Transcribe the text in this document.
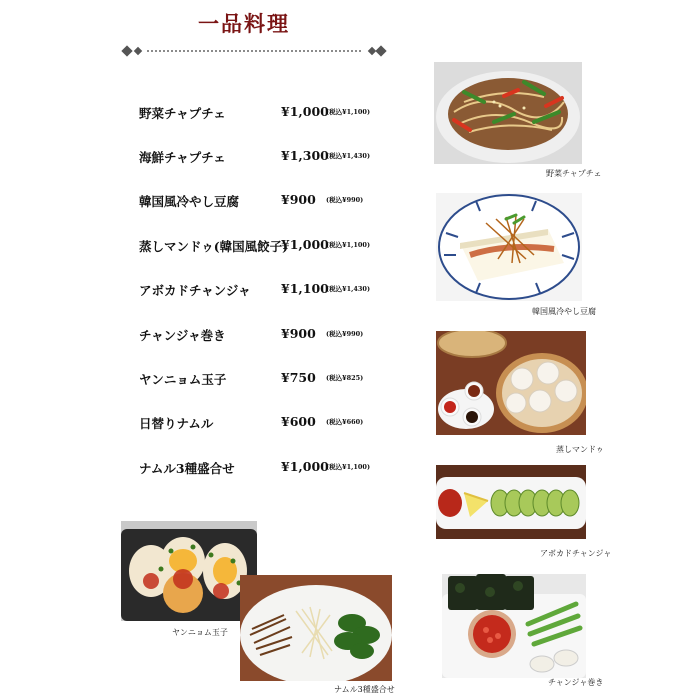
一品料理
野菜チャプチェ	¥1,000
(税込¥1,100)
海鮮チャプチェ	¥1,300
(税込¥1,430)
韓国風冷やし豆腐	¥900 (税込¥990)
蒸しマンドゥ(韓国風餃子)
¥1,000
(税込¥1,100)
アボカドチャンジャ ¥1,100
(税込¥1,430)
チャンジャ巻き	¥900 (税込¥990)
ヤンニョム玉子	¥750 (税込¥825)
日替りナムル	¥600 (税込¥660)
ナムル3種盛合せ	¥1,000
(税込¥1,100)
野菜チャプチェ
韓国風冷やし豆腐
蒸しマンドゥ
アボカドチャンジャ
ヤンニョム玉子
ナムル3種盛合せ
チャンジャ巻き
